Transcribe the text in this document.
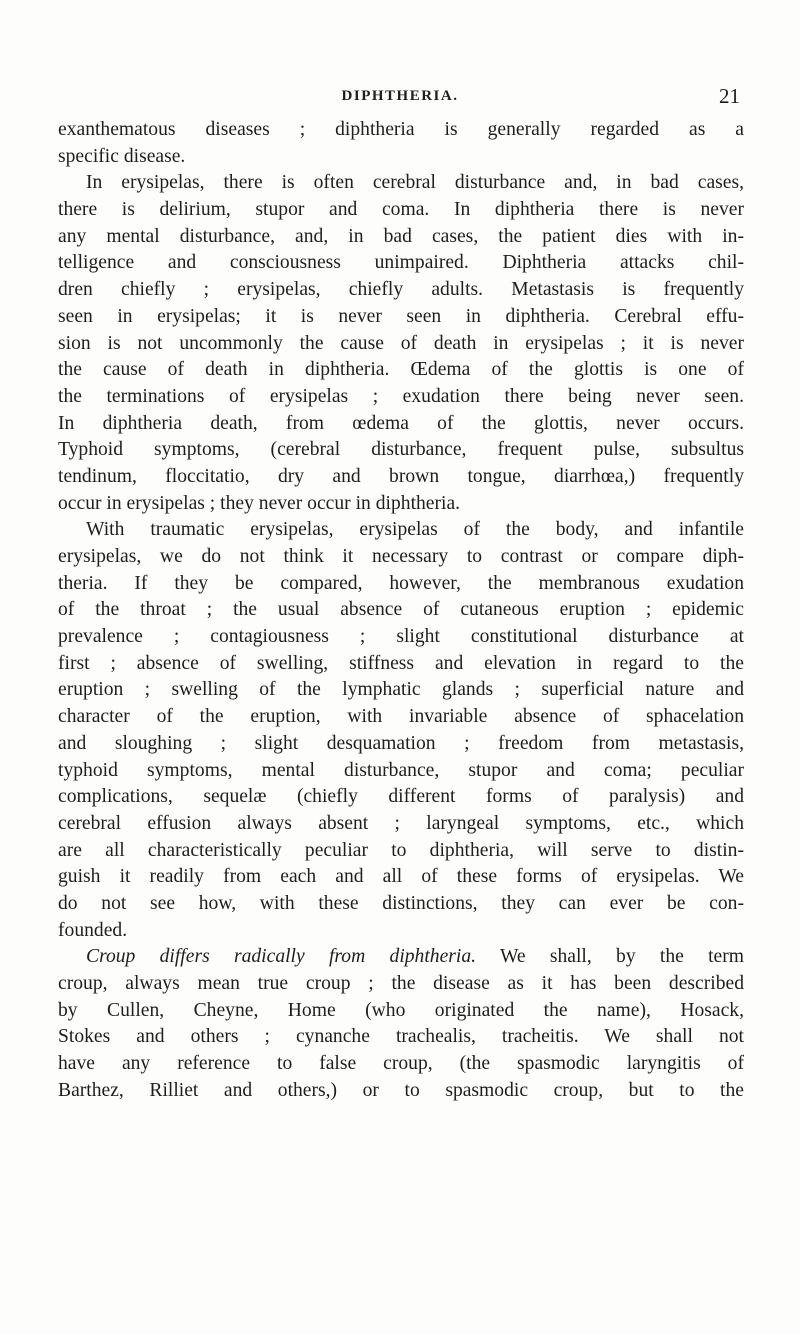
DIPHTHERIA.	21
exanthematous diseases ; diphtheria is generally regarded as a
specific disease.
In erysipelas, there is often cerebral disturbance and, in bad cases,
there is delirium, stupor and coma. In diphtheria there is never
any mental disturbance, and, in bad cases, the patient dies with in-
telligence and consciousness unimpaired. Diphtheria attacks chil-
dren chiefly ; erysipelas, chiefly adults. Metastasis is frequently
seen in erysipelas; it is never seen in diphtheria. Cerebral effu-
sion is not uncommonly the cause of death in erysipelas ; it is never
the cause of death in diphtheria. Œdema of the glottis is one of
the terminations of erysipelas ; exudation there being never seen.
In diphtheria death, from œdema of the glottis, never occurs.
Typhoid symptoms, (cerebral disturbance, frequent pulse, subsultus
tendinum, floccitatio, dry and brown tongue, diarrhœa,) frequently
occur in erysipelas ; they never occur in diphtheria.
With traumatic erysipelas, erysipelas of the body, and infantile
erysipelas, we do not think it necessary to contrast or compare diph-
theria. If they be compared, however, the membranous exudation
of the throat ; the usual absence of cutaneous eruption ; epidemic
prevalence ; contagiousness ; slight constitutional disturbance at
first ; absence of swelling, stiffness and elevation in regard to the
eruption ; swelling of the lymphatic glands ; superficial nature and
character of the eruption, with invariable absence of sphacelation
and sloughing ; slight desquamation ; freedom from metastasis,
typhoid symptoms, mental disturbance, stupor and coma; peculiar
complications, sequelæ (chiefly different forms of paralysis) and
cerebral effusion always absent ; laryngeal symptoms, etc., which
are all characteristically peculiar to diphtheria, will serve to distin-
guish it readily from each and all of these forms of erysipelas. We
do not see how, with these distinctions, they can ever be con-
founded.
Croup differs radically from diphtheria. We shall, by the term
croup, always mean true croup ; the disease as it has been described
by Cullen, Cheyne, Home (who originated the name), Hosack,
Stokes and others ; cynanche trachealis, tracheitis. We shall not
have any reference to false croup, (the spasmodic laryngitis of
Barthez, Rilliet and others,) or to spasmodic croup, but to the
